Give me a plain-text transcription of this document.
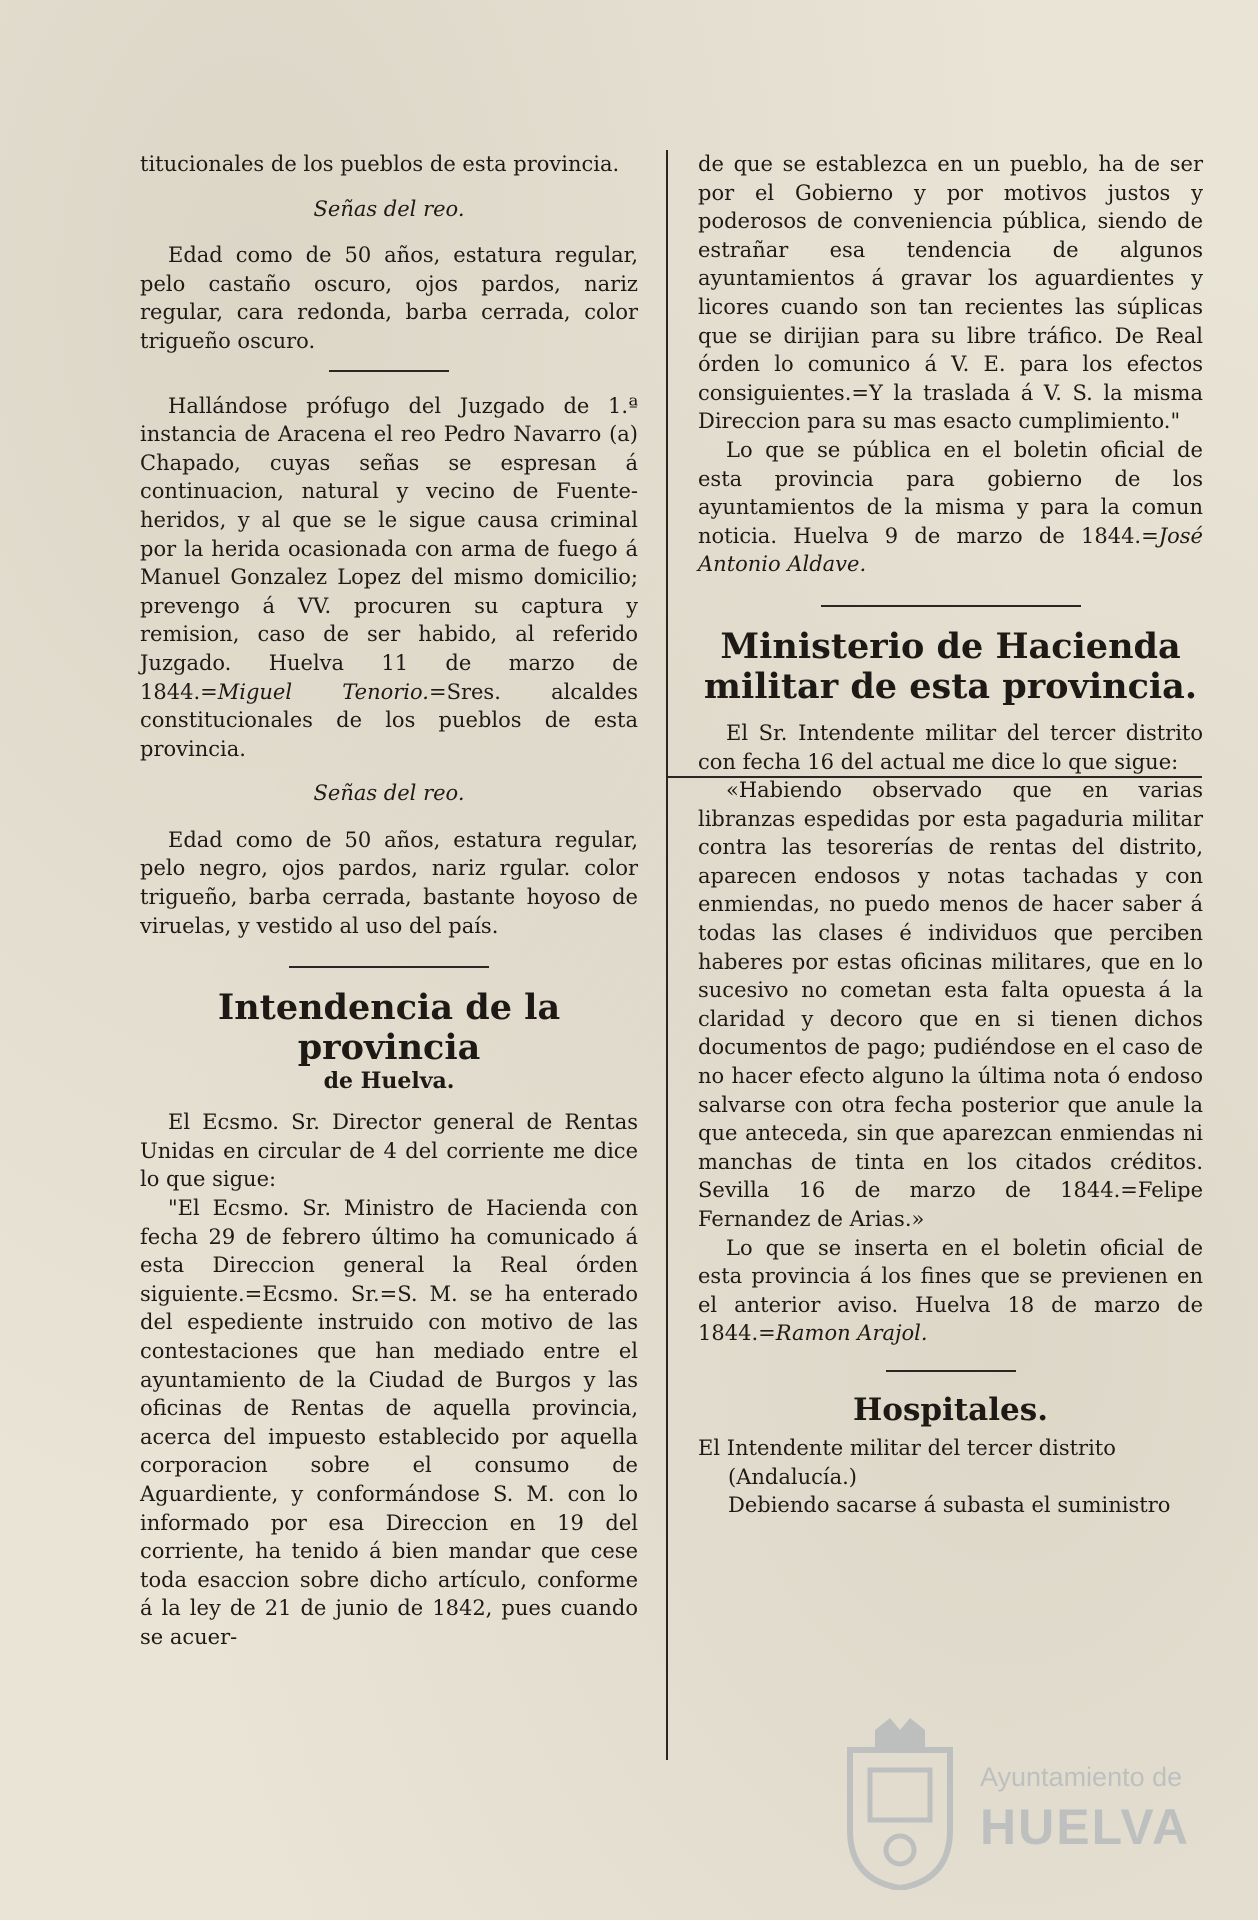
titucionales de los pueblos de esta provincia.

Señas del reo.

Edad como de 50 años, estatura regular, pelo castaño oscuro, ojos pardos, nariz regular, cara redonda, barba cerrada, color trigueño oscuro.

Hallándose prófugo del Juzgado de 1.ª instancia de Aracena el reo Pedro Navarro (a) Chapado, cuyas señas se espresan á continuacion, natural y vecino de Fuente-heridos, y al que se le sigue causa criminal por la herida ocasionada con arma de fuego á Manuel Gonzalez Lopez del mismo domicilio; prevengo á VV. procuren su captura y remision, caso de ser habido, al referido Juzgado. Huelva 11 de marzo de 1844.=Miguel Tenorio.=Sres. alcaldes constitucionales de los pueblos de esta provincia.

Señas del reo.

Edad como de 50 años, estatura regular, pelo negro, ojos pardos, nariz rgular. color trigueño, barba cerrada, bastante hoyoso de viruelas, y vestido al uso del país.

Intendencia de la provincia

de Huelva.

El Ecsmo. Sr. Director general de Rentas Unidas en circular de 4 del corriente me dice lo que sigue:

"El Ecsmo. Sr. Ministro de Hacienda con fecha 29 de febrero último ha comunicado á esta Direccion general la Real órden siguiente.=Ecsmo. Sr.=S. M. se ha enterado del espediente instruido con motivo de las contestaciones que han mediado entre el ayuntamiento de la Ciudad de Burgos y las oficinas de Rentas de aquella provincia, acerca del impuesto establecido por aquella corporacion sobre el consumo de Aguardiente, y conformándose S. M. con lo informado por esa Direccion en 19 del corriente, ha tenido á bien mandar que cese toda esaccion sobre dicho artículo, conforme á la ley de 21 de junio de 1842, pues cuando se acuer-

de que se establezca en un pueblo, ha de ser por el Gobierno y por motivos justos y poderosos de conveniencia pública, siendo de estrañar esa tendencia de algunos ayuntamientos á gravar los aguardientes y licores cuando son tan recientes las súplicas que se dirijian para su libre tráfico. De Real órden lo comunico á V. E. para los efectos consiguientes.=Y la traslada á V. S. la misma Direccion para su mas esacto cumplimiento."

Lo que se pública en el boletin oficial de esta provincia para gobierno de los ayuntamientos de la misma y para la comun noticia. Huelva 9 de marzo de 1844.=José Antonio Aldave.

Ministerio de Hacienda militar de esta provincia.

El Sr. Intendente militar del tercer distrito con fecha 16 del actual me dice lo que sigue:

«Habiendo observado que en varias libranzas espedidas por esta pagaduria militar contra las tesorerías de rentas del distrito, aparecen endosos y notas tachadas y con enmiendas, no puedo menos de hacer saber á todas las clases é individuos que perciben haberes por estas oficinas militares, que en lo sucesivo no cometan esta falta opuesta á la claridad y decoro que en si tienen dichos documentos de pago; pudiéndose en el caso de no hacer efecto alguno la última nota ó endoso salvarse con otra fecha posterior que anule la que anteceda, sin que aparezcan enmiendas ni manchas de tinta en los citados créditos. Sevilla 16 de marzo de 1844.=Felipe Fernandez de Arias.»

Lo que se inserta en el boletin oficial de esta provincia á los fines que se previenen en el anterior aviso. Huelva 18 de marzo de 1844.=Ramon Arajol.

Hospitales.

El Intendente militar del tercer distrito

(Andalucía.)

Debiendo sacarse á subasta el suministro

Ayuntamiento de
HUELVA
